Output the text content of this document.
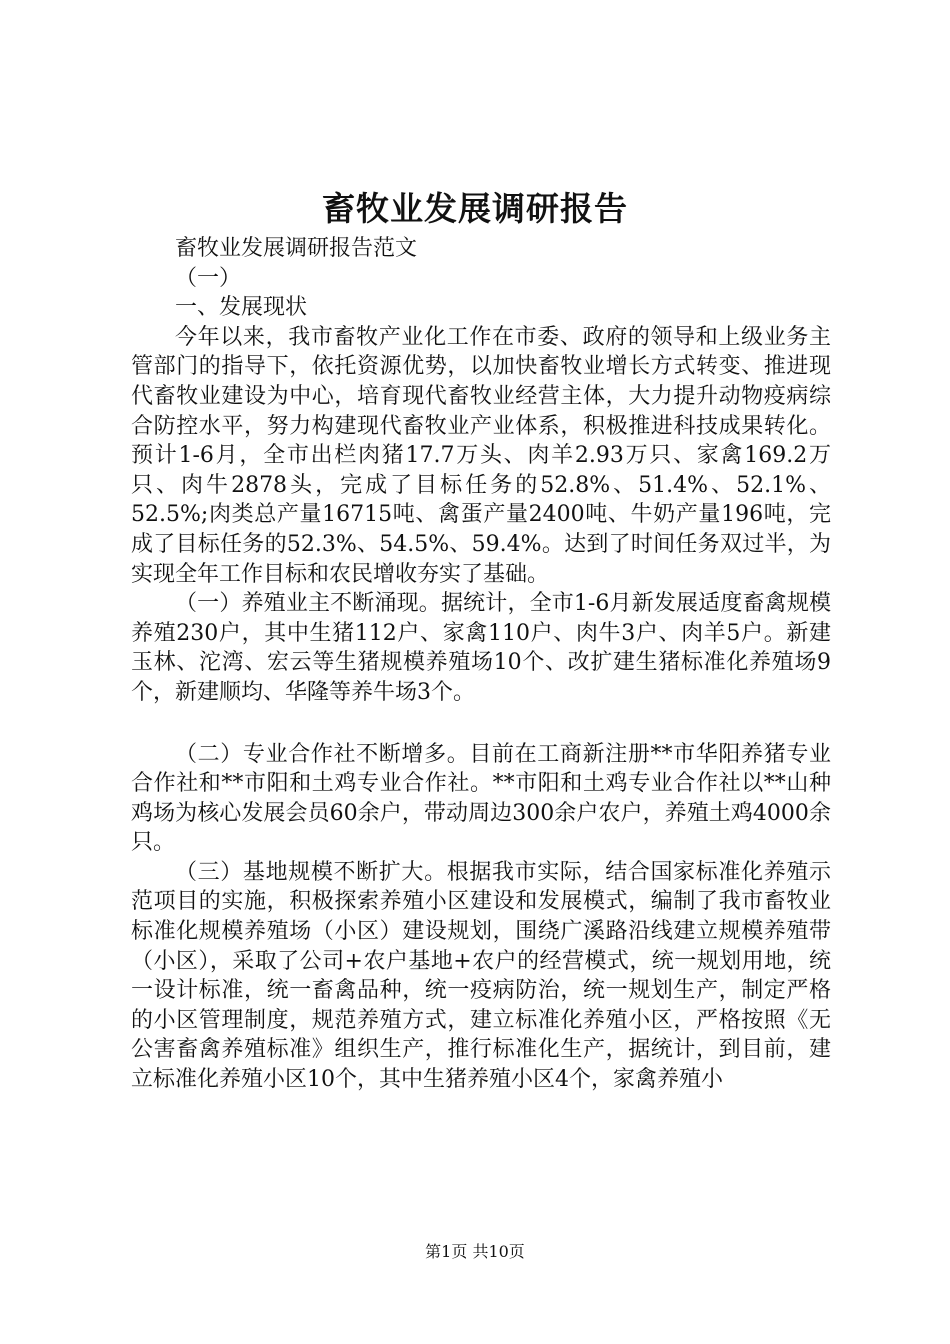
畜牧业发展调研报告

畜牧业发展调研报告范文

（一）

一、发展现状

今年以来，我市畜牧产业化工作在市委、政府的领导和上级业务主管部门的指导下，依托资源优势，以加快畜牧业增长方式转变、推进现代畜牧业建设为中心，培育现代畜牧业经营主体，大力提升动物疫病综合防控水平，努力构建现代畜牧业产业体系，积极推进科技成果转化。预计1-6月，全市出栏肉猪17.7万头、肉羊2.93万只、家禽169.2万只、肉牛2878头，完成了目标任务的52.8%、51.4%、52.1%、52.5%;肉类总产量16715吨、禽蛋产量2400吨、牛奶产量196吨，完成了目标任务的52.3%、54.5%、59.4%。达到了时间任务双过半，为实现全年工作目标和农民增收夯实了基础。

（一）养殖业主不断涌现。据统计，全市1-6月新发展适度畜禽规模养殖230户，其中生猪112户、家禽110户、肉牛3户、肉羊5户。新建玉林、沱湾、宏云等生猪规模养殖场10个、改扩建生猪标准化养殖场9个，新建顺均、华隆等养牛场3个。

（二）专业合作社不断增多。目前在工商新注册**市华阳养猪专业合作社和**市阳和土鸡专业合作社。**市阳和土鸡专业合作社以**山种鸡场为核心发展会员60余户，带动周边300余户农户，养殖土鸡4000余只。

（三）基地规模不断扩大。根据我市实际，结合国家标准化养殖示范项目的实施，积极探索养殖小区建设和发展模式，编制了我市畜牧业标准化规模养殖场（小区）建设规划，围绕广溪路沿线建立规模养殖带（小区），采取了公司+农户基地+农户的经营模式，统一规划用地，统一设计标准，统一畜禽品种，统一疫病防治，统一规划生产，制定严格的小区管理制度，规范养殖方式，建立标准化养殖小区，严格按照《无公害畜禽养殖标准》组织生产，推行标准化生产，据统计，到目前，建立标准化养殖小区10个，其中生猪养殖小区4个，家禽养殖小

第1页 共10页
